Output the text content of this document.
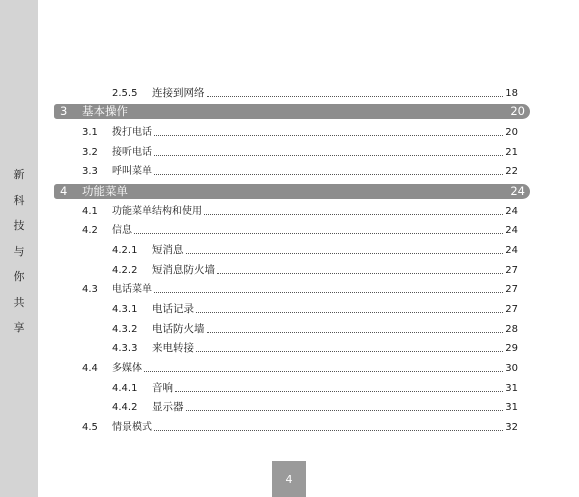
新
科
技
与
你
共
享
2.5.5	连接到网络	18
3	基本操作	20
3.1	拨打电话	20
3.2	接听电话	21
3.3	呼叫菜单	22
4	功能菜单	24
4.1	功能菜单结构和使用	24
4.2	信息	24
4.2.1	短消息	24
4.2.2	短消息防火墙	27
4.3	电话菜单	27
4.3.1	电话记录	27
4.3.2	电话防火墙	28
4.3.3	来电转接	29
4.4	多媒体	30
4.4.1	音响	31
4.4.2	显示器	31
4.5	情景模式	32
4
